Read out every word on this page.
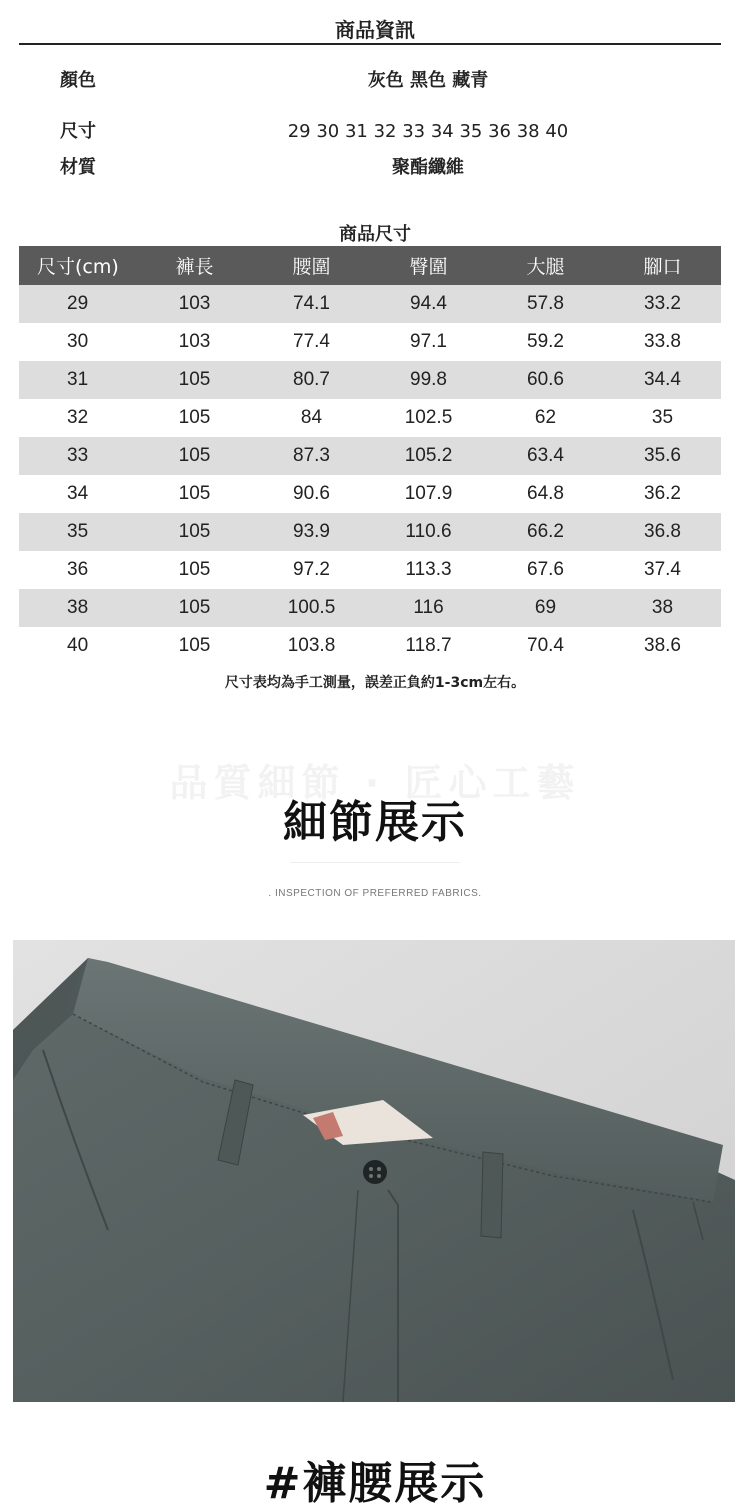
商品資訊
顏色	灰色 黑色 藏青
尺寸	29 30 31 32 33 34 35 36 38 40
材質	聚酯纖維
商品尺寸
尺寸(cm)	褲長	腰圍	臀圍	大腿	腳口
29	103	74.1	94.4	57.8	33.2
30	103	77.4	97.1	59.2	33.8
31	105	80.7	99.8	60.6	34.4
32	105	84	102.5	62	35
33	105	87.3	105.2	63.4	35.6
34	105	90.6	107.9	64.8	36.2
35	105	93.9	110.6	66.2	36.8
36	105	97.2	113.3	67.6	37.4
38	105	100.5	116	69	38
40	105	103.8	118.7	70.4	38.6
尺寸表均為手工測量，誤差正負約1-3cm左右。
品質細節 · 匠心工藝
細節展示
. INSPECTION OF PREFERRED FABRICS.
#褲腰展示
